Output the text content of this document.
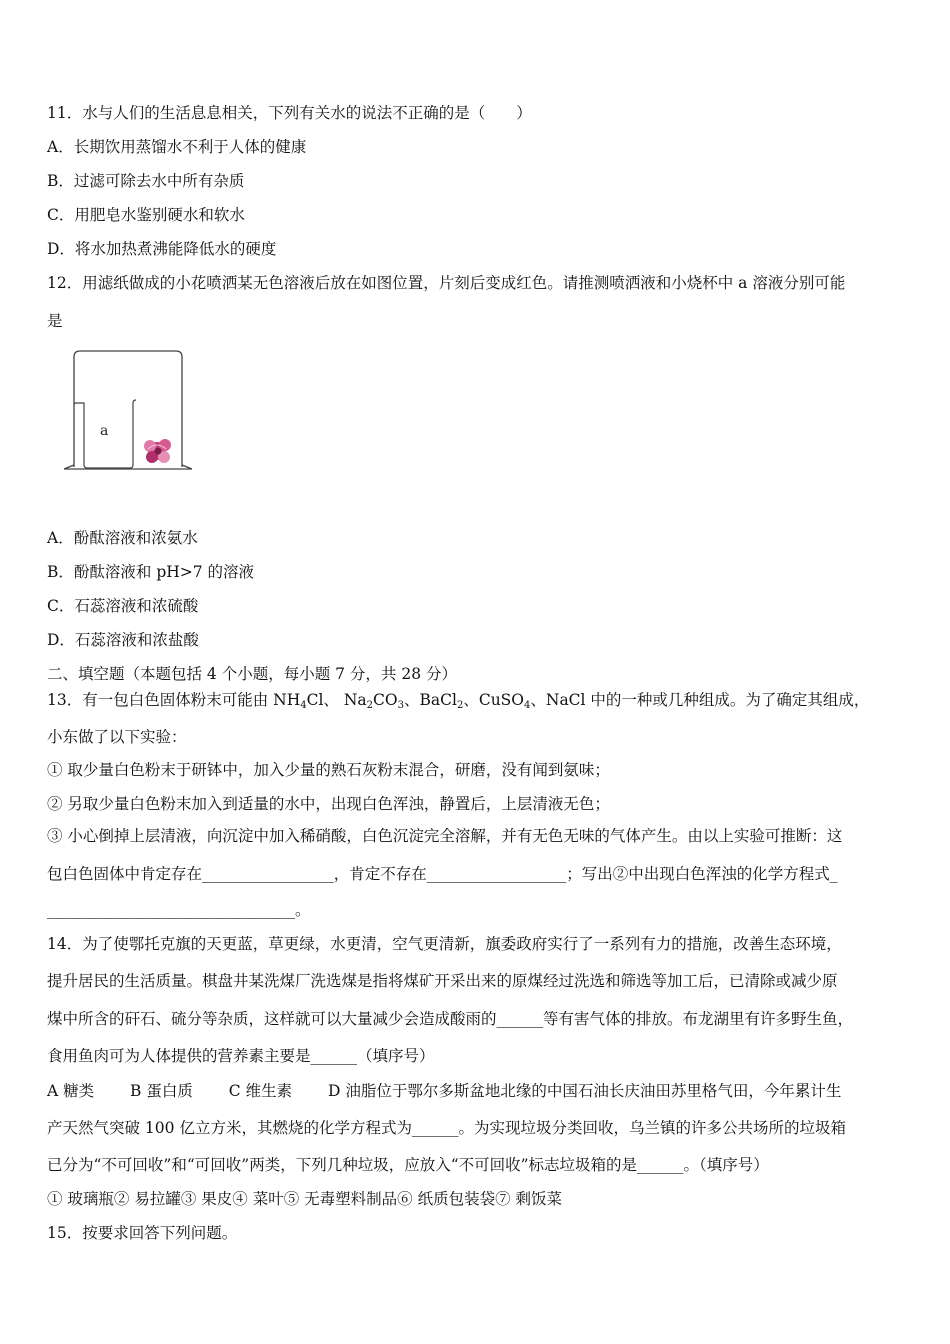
11．水与人们的生活息息相关，下列有关水的说法不正确的是（　　）
A．长期饮用蒸馏水不利于人体的健康
B．过滤可除去水中所有杂质
C．用肥皂水鉴别硬水和软水
D．将水加热煮沸能降低水的硬度
12．用滤纸做成的小花喷洒某无色溶液后放在如图位置，片刻后变成红色。请推测喷洒液和小烧杯中 a 溶液分别可能
是
a
A．酚酞溶液和浓氨水
B．酚酞溶液和 pH>7 的溶液
C．石蕊溶液和浓硫酸
D．石蕊溶液和浓盐酸
二、填空题（本题包括 4 个小题，每小题 7 分，共 28 分）
13．有一包白色固体粉末可能由 $NH_4Cl$、 $Na_2CO_3$、BaCl$_2$、CuSO$_4$、NaCl 中的一种或几种组成。为了确定其组成，
小东做了以下实验：
① 取少量白色粉末于研钵中，加入少量的熟石灰粉末混合，研磨，没有闻到氨味；
② 另取少量白色粉末加入到适量的水中，出现白色浑浊，静置后，上层清液无色；
③ 小心倒掉上层清液，向沉淀中加入稀硝酸，白色沉淀完全溶解，并有无色无味的气体产生。由以上实验可推断：这
包白色固体中肯定存在_________________，肯定不存在__________________；写出②中出现白色浑浊的化学方程式_
________________________________。
14．为了使鄂托克旗的天更蓝，草更绿，水更清，空气更清新，旗委政府实行了一系列有力的措施，改善生态环境，
提升居民的生活质量。棋盘井某洗煤厂洗选煤是指将煤矿开采出来的原煤经过洗选和筛选等加工后，已清除或减少原
煤中所含的矸石、硫分等杂质，这样就可以大量减少会造成酸雨的______等有害气体的排放。布龙湖里有许多野生鱼，
食用鱼肉可为人体提供的营养素主要是______（填序号）
A 糖类　　 B 蛋白质　　 C 维生素　　 D 油脂位于鄂尔多斯盆地北缘的中国石油长庆油田苏里格气田，今年累计生
产天然气突破 100 亿立方米，其燃烧的化学方程式为______。为实现垃圾分类回收，乌兰镇的许多公共场所的垃圾箱
已分为“不可回收”和“可回收”两类，下列几种垃圾，应放入“不可回收”标志垃圾箱的是______。（填序号）
① 玻璃瓶② 易拉罐③ 果皮④ 菜叶⑤ 无毒塑料制品⑥ 纸质包装袋⑦ 剩饭菜
15．按要求回答下列问题。
